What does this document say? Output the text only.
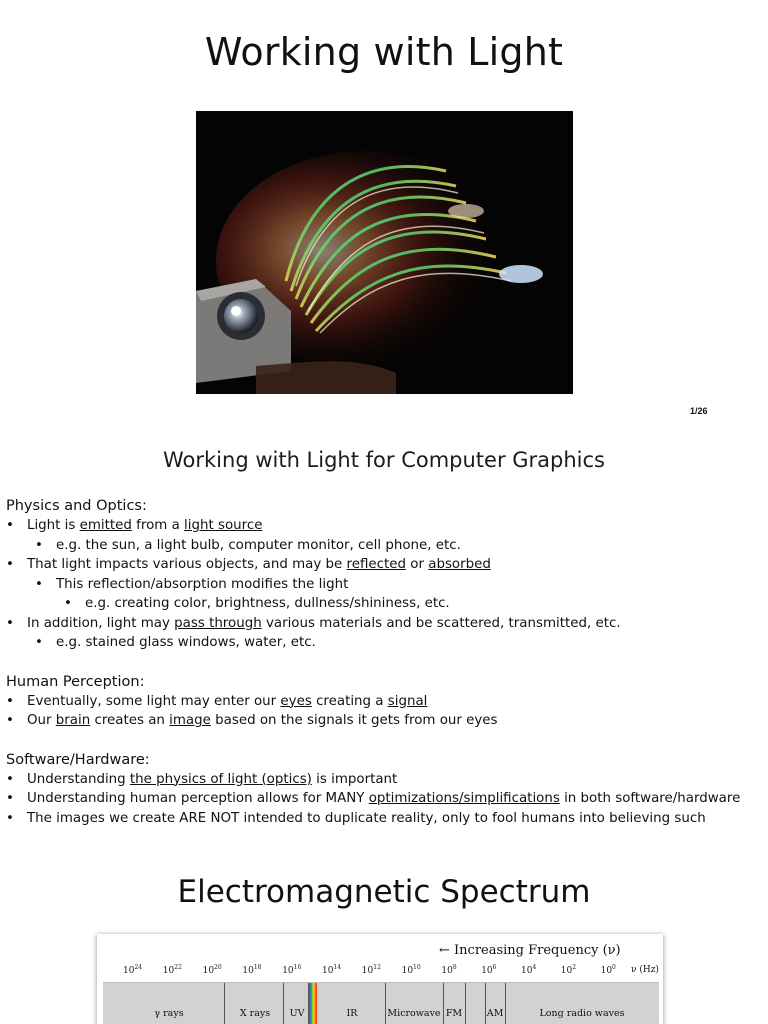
Working with Light
1/26
Working with Light for Computer Graphics

Physics and Optics:

• Light is emitted from a light source
• e.g. the sun, a light bulb, computer monitor, cell phone, etc.
• That light impacts various objects, and may be reflected or absorbed
• This reflection/absorption modifies the light
• e.g. creating color, brightness, dullness/shininess, etc.
• In addition, light may pass through various materials and be scattered, transmitted, etc.
• e.g. stained glass windows, water, etc.

Human Perception:

• Eventually, some light may enter our eyes creating a signal
• Our brain creates an image based on the signals it gets from our eyes

Software/Hardware:

• Understanding the physics of light (optics) is important
• Understanding human perception allows for MANY optimizations/simplifications in both software/hardware
• The images we create ARE NOT intended to duplicate reality, only to fool humans into believing such
Electromagnetic Spectrum
← Increasing Frequency (ν)
$10^{24}$ $10^{22}$ $10^{20}$ $10^{18}$ $10^{16}$ $10^{14}$ $10^{12}$ $10^{10}$ $10^8$	$10^6$	$10^4$	$10^2$	$10^0$ ν (Hz)
γ rays	X rays UV	IR	Microwave FM	AM	Long radio waves
